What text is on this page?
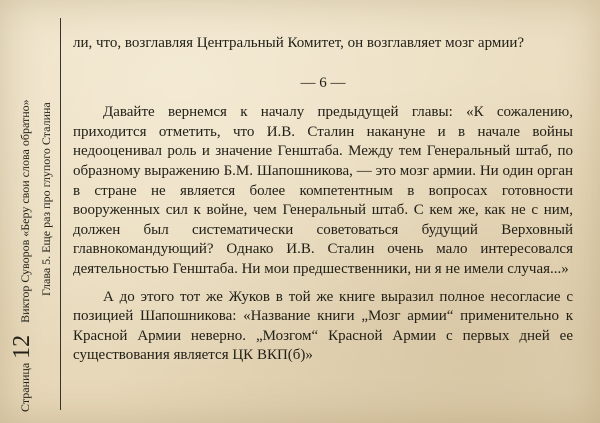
Страница
12
Виктор Суворов «Беру свои слова обратно» Глава 5. Еще раз про глупого Сталина

ли, что, возглавляя Центральный Комитет, он возглавляет мозг армии?

— 6 —

Давайте вернемся к началу предыдущей главы: «К сожалению, приходится отметить, что И.В. Сталин накануне и в начале войны недооценивал роль и значение Генштаба. Между тем Генеральный штаб, по образному выражению Б.М. Шапошникова, — это мозг армии. Ни один орган в стране не является более компетентным в вопросах готовности вооруженных сил к войне, чем Генеральный штаб. С кем же, как не с ним, должен был систематически советоваться будущий Верховный главнокомандующий? Однако И.В. Сталин очень мало интересовался деятельностью Генштаба. Ни мои предшественники, ни я не имели случая...»

А до этого тот же Жуков в той же книге выразил полное несогласие с позицией Шапошникова: «Название книги „Мозг армии“ применительно к Красной Армии неверно. „Мозгом“ Красной Армии с первых дней ее существования является ЦК ВКП(б)»
